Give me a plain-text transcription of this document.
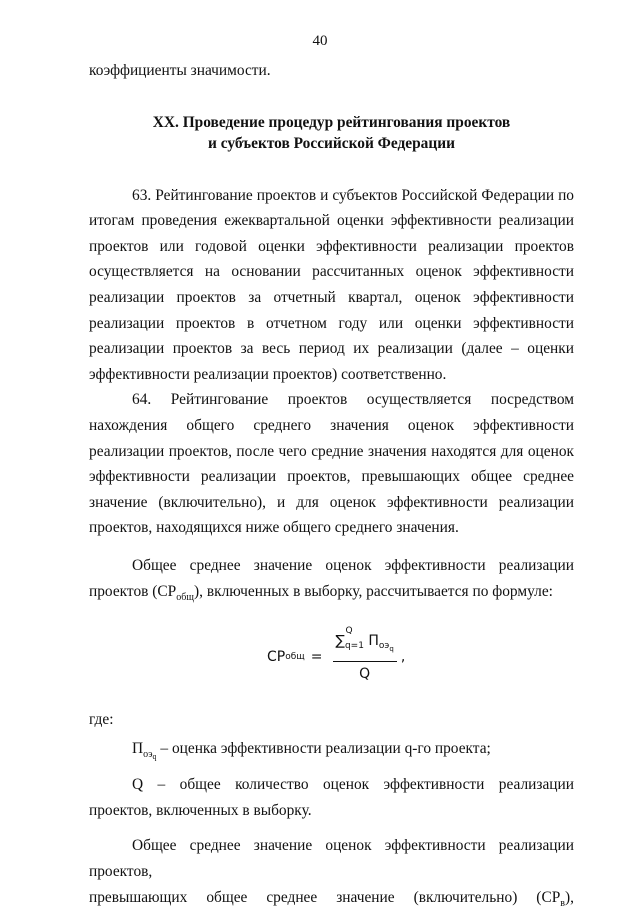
40

коэффициенты значимости.

XX. Проведение процедур рейтингования проектов
и субъектов Российской Федерации

63. Рейтингование проектов и субъектов Российской Федерации по итогам проведения ежеквартальной оценки эффективности реализации проектов или годовой оценки эффективности реализации проектов осуществляется на основании рассчитанных оценок эффективности реализации проектов за отчетный квартал, оценок эффективности реализации проектов в отчетном году или оценки эффективности реализации проектов за весь период их реализации (далее – оценки эффективности реализации проектов) соответственно.

64. Рейтингование проектов осуществляется посредством нахождения общего среднего значения оценок эффективности реализации проектов, после чего средние значения находятся для оценок эффективности реализации проектов, превышающих общее среднее значение (включительно), и для оценок эффективности реализации проектов, находящихся ниже общего среднего значения.

Общее среднее значение оценок эффективности реализации проектов $(СР_{общ})$, включенных в выборку, рассчитывается по формуле:

СР общ = Q
$\sum_{q=1}$ $П_{оэq}$
Q ,

где:

$П_{оэq}$ – оценка эффективности реализации q-го проекта;

Q – общее количество оценок эффективности реализации проектов, включенных в выборку.

Общее среднее значение оценок эффективности реализации проектов,

превышающих общее среднее значение (включительно) $(СР_в)$,
